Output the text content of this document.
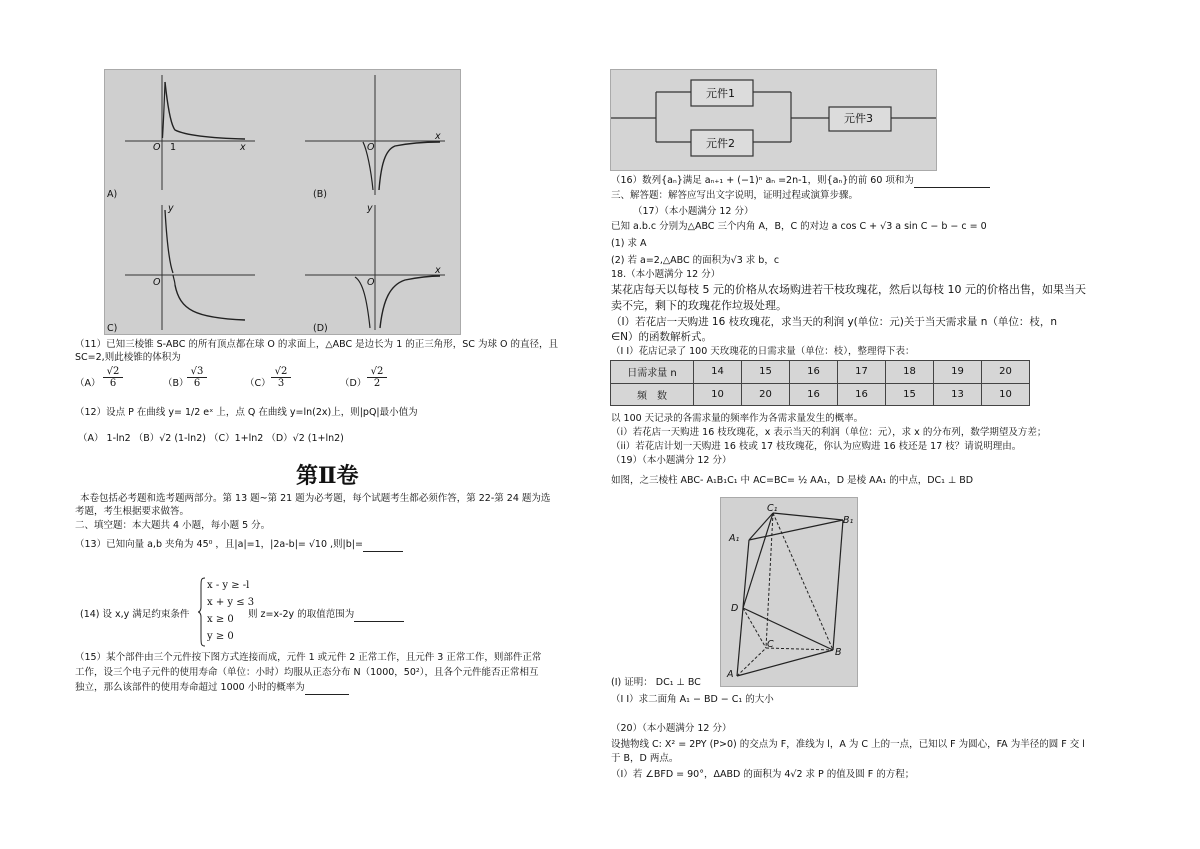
A)	(B)
C)	(D)
O 1	x	O
x
O
y
O
y
x
（11）已知三棱锥 S-ABC 的所有顶点都在球 O 的求面上，△ABC 是边长为 1 的正三角形，SC 为球 O 的直径，且
SC=2,则此棱锥的体积为
$(A) \frac{√2}{6}$	（B）
$\frac{√3}{6}$	$(C) \frac{√2}{3}$	$(D) \frac{√2}{2}$
（12）设点 P 在曲线 y= 1/2 eˣ 上，点 Q 在曲线 y=ln(2x)上，则|pQ|最小值为
（A） 1-ln2 （B）√2 (1-ln2) （C）1+ln2 （D）√2 (1+ln2)
第Ⅱ卷
本卷包括必考题和选考题两部分。第 13 题~第 21 题为必考题，每个试题考生都必须作答，第 22-第 24 题为选
考题，考生根据要求做答。
二、填空题：本大题共 4 小题，每小题 5 分。
（13）已知向量 a,b 夹角为 45⁰ ，且|a|=1，|2a-b|= √10 ,则|b|=
(14) 设 x,y 满足约束条件
x - y ≥ -l
x + y ≤ 3
x ≥ 0
y ≥ 0
则 z=x-2y 的取值范围为
（15）某个部件由三个元件按下图方式连接而成，元件 1 或元件 2 正常工作，且元件 3 正常工作，则部件正常
工作，设三个电子元件的使用寿命（单位：小时）均服从正态分布 N（1000，50²），且各个元件能否正常相互
独立，那么该部件的使用寿命超过 1000 小时的概率为
元件1
元件2
元件3
（16）数列{aₙ}满足 aₙ₊₁ + (−1)ⁿ aₙ =2n-1，则{aₙ}的前 60 项和为
三、解答题：解答应写出文字说明，证明过程或演算步骤。
（17）（本小题满分 12 分）
已知 a.b.c 分别为△ABC 三个内角 A，B，C 的对边 a cos C + √3 a sin C − b − c = 0
(1) 求 A
(2) 若 a=2,△ABC 的面积为√3 求 b，c
18.（本小题满分 12 分）
某花店每天以每枝 5 元的价格从农场购进若干枝玫瑰花，然后以每枝 10 元的价格出售，如果当天
卖不完，剩下的玫瑰花作垃圾处理。
（Ⅰ）若花店一天购进 16 枝玫瑰花，求当天的利润 y(单位：元)关于当天需求量 n（单位：枝，n
∈N）的函数解析式。
（Ⅰ Ⅰ）花店记录了 100 天玫瑰花的日需求量（单位：枝），整理得下表：
日需求量 n	14	15	16	17	18	19	20
频　数	10	20	16	16	15	13	10
以 100 天记录的各需求量的频率作为各需求量发生的概率。
（i）若花店一天购进 16 枝玫瑰花，x 表示当天的利润（单位：元），求 x 的分布列，数学期望及方差；
（ii）若花店计划一天购进 16 枝或 17 枝玫瑰花，你认为应购进 16 枝还是 17 枝？请说明理由。
（19）（本小题满分 12 分）
如图，之三棱柱 ABC- A₁B₁C₁ 中 AC=BC= ½ AA₁，D 是棱 AA₁ 的中点，DC₁ ⊥ BD
A₁
C₁
B₁
D
C
A
B
(Ⅰ) 证明： DC₁ ⊥ BC
（Ⅰ Ⅰ）求二面角 A₁ − BD − C₁ 的大小
（20）（本小题满分 12 分）
设抛物线 C: X² = 2PY (P>0) 的交点为 F，准线为 l，A 为 C 上的一点，已知以 F 为圆心，FA 为半径的圆 F 交 l
于 B，D 两点。
（I）若 ∠BFD = 90°，ΔABD 的面积为 4√2 求 P 的值及圆 F 的方程；
